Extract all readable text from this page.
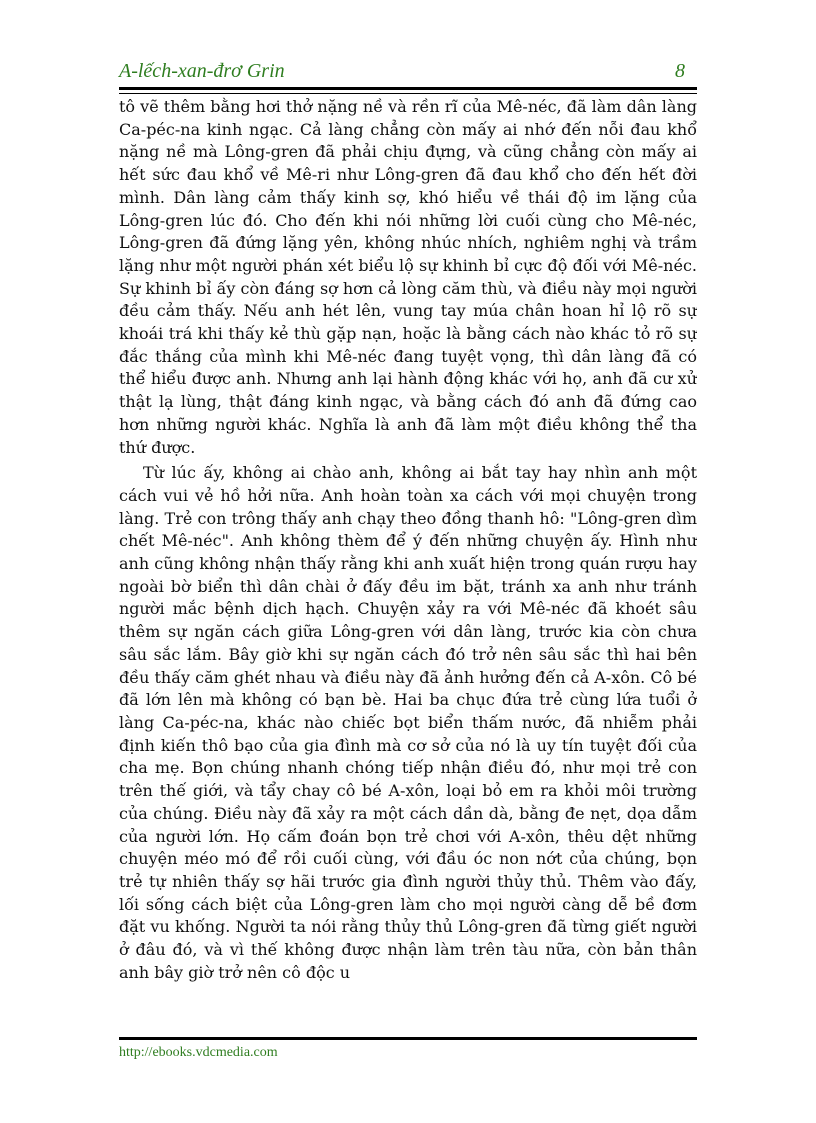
A-lếch-xan-đrơ Grin	8

tô vẽ thêm bằng hơi thở nặng nề và rền rĩ của Mê-néc, đã làm dân làng Ca-péc-na kinh ngạc. Cả làng chẳng còn mấy ai nhớ đến nỗi đau khổ nặng nề mà Lông-gren đã phải chịu đựng, và cũng chẳng còn mấy ai hết sức đau khổ về Mê-ri như Lông-gren đã đau khổ cho đến hết đời mình. Dân làng cảm thấy kinh sợ, khó hiểu về thái độ im lặng của Lông-gren lúc đó. Cho đến khi nói những lời cuối cùng cho Mê-néc, Lông-gren đã đứng lặng yên, không nhúc nhích, nghiêm nghị và trầm lặng như một người phán xét biểu lộ sự khinh bỉ cực độ đối với Mê-néc. Sự khinh bỉ ấy còn đáng sợ hơn cả lòng căm thù, và điều này mọi người đều cảm thấy. Nếu anh hét lên, vung tay múa chân hoan hỉ lộ rõ sự khoái trá khi thấy kẻ thù gặp nạn, hoặc là bằng cách nào khác tỏ rõ sự đắc thắng của mình khi Mê-néc đang tuyệt vọng, thì dân làng đã có thể hiểu được anh. Nhưng anh lại hành động khác với họ, anh đã cư xử thật lạ lùng, thật đáng kinh ngạc, và bằng cách đó anh đã đứng cao hơn những người khác. Nghĩa là anh đã làm một điều không thể tha thứ được.

Từ lúc ấy, không ai chào anh, không ai bắt tay hay nhìn anh một cách vui vẻ hồ hởi nữa. Anh hoàn toàn xa cách với mọi chuyện trong làng. Trẻ con trông thấy anh chạy theo đồng thanh hô: "Lông-gren dìm chết Mê-néc". Anh không thèm để ý đến những chuyện ấy. Hình như anh cũng không nhận thấy rằng khi anh xuất hiện trong quán rượu hay ngoài bờ biển thì dân chài ở đấy đều im bặt, tránh xa anh như tránh người mắc bệnh dịch hạch. Chuyện xảy ra với Mê-néc đã khoét sâu thêm sự ngăn cách giữa Lông-gren với dân làng, trước kia còn chưa sâu sắc lắm. Bây giờ khi sự ngăn cách đó trở nên sâu sắc thì hai bên đều thấy căm ghét nhau và điều này đã ảnh hưởng đến cả A-xôn. Cô bé đã lớn lên mà không có bạn bè. Hai ba chục đứa trẻ cùng lứa tuổi ở làng Ca-péc-na, khác nào chiếc bọt biển thấm nước, đã nhiễm phải định kiến thô bạo của gia đình mà cơ sở của nó là uy tín tuyệt đối của cha mẹ. Bọn chúng nhanh chóng tiếp nhận điều đó, như mọi trẻ con trên thế giới, và tẩy chay cô bé A-xôn, loại bỏ em ra khỏi môi trường của chúng. Điều này đã xảy ra một cách dần dà, bằng đe nẹt, dọa dẫm của người lớn. Họ cấm đoán bọn trẻ chơi với A-xôn, thêu dệt những chuyện méo mó để rồi cuối cùng, với đầu óc non nớt của chúng, bọn trẻ tự nhiên thấy sợ hãi trước gia đình người thủy thủ. Thêm vào đấy, lối sống cách biệt của Lông-gren làm cho mọi người càng dễ bề đơm đặt vu khống. Người ta nói rằng thủy thủ Lông-gren đã từng giết người ở đâu đó, và vì thế không được nhận làm trên tàu nữa, còn bản thân anh bây giờ trở nên cô độc u

http://ebooks.vdcmedia.com
